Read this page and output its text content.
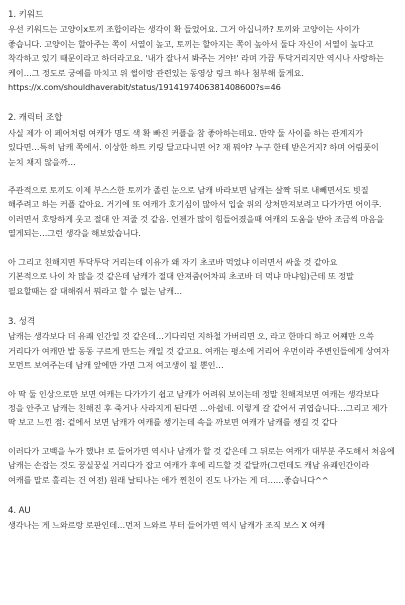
1. 키워드

우선 키워드는 고양이x토끼 조합이라는 생각이 확 들었어요. 그거 아십니까? 토끼와 고양이는 사이가 좋습니다. 고양이는 할아주는 쪽이 서열이 높고, 토끼는 할아지는 쪽이 높아서 둘다 자신이 서열이 높다고 착각하고 있기 때문이라고 하더라고요. '내가 잘나서 봐주는 거야!' 라며 가끔 투닥거리지만 역시나 사랑하는 케이…그 정도로 궁예를 마치고 위 썰이랑 관련있는 동영상 링크 하나 첨부해 둘게요.

https://x.com/shouldhaverabit/status/1914197406381408600?s=46

2. 캐릭터 조합

사실 제가 이 페어처럼 여캐가 명도 색 확 빠진 커플을 참 좋아하는데요. 만약 둘 사이를 하는 관계지가 있다면…특히 남캐 쪽에서. 이상한 하트 키링 달고다니면 어? 재 뭐야? 누구 한테 받은거지? 하며 어림풋이 눈치 채지 않을까…

주관적으로 토끼도 이제 부스스한 토끼가 졸린 눈으로 남캐 바라보면 남캐는 살짝 뒤로 내빼면서도 빗질 해주려고 하는 커플 같아요. 거기에 또 여캐가 호기심이 많아서 입술 위의 상처만져보려고 다가가면 어이쿠. 이러면서 호탕하게 웃고 절대 안 져줄 것 같음. 언젠가 많이 힘들어졌을때 여캐의 도움을 받아 조금씩 마음을 열게되는…그런 생각을 해보았습니다.

아 그리고 친해지면 투닥투닥 거리는데 이유가 왜 자기 초코바 먹었냐 이러면서 싸울 것 같아요

기본적으로 나이 차 많을 것 같은데 남캐가 절대 안져줌(어차피 초코바 더 먹냐 마냐임)근데 또 정말 필요할때는 잘 대해줘서 뭐라고 할 수 없는 남캐…

3. 성격

남캐는 생각보다 더 유쾌 인간일 것 같은데…기다리던 지하철 가버리면 오, 라고 한마디 하고 어쨰만 으쓱 거리다가 여캐만 발 동동 구르게 만드는 캐일 것 같고요. 여캐는 평소에 거리어 우먼이라 주변인들에게 상여자 모먼트 보여주는데 남캐 앞에만 가면 그저 여고생이 될 뿐인…

아 딱 둘 인상으로만 보면 여캐는 다가가기 쉽고 남캐가 어려워 보이는데 정말 친해져보면 여캐는 생각보다 정을 안주고 남캐는 친해진 후 죽거나 사라지게 된다면 …아쉽네. 이렇게 갈 같어서 귀엽습니다…그리고 제가 딱 보고 느낀 점: 겉에서 보면 남캐가 여캐를 챙기는데 속을 까보면 여캐가 남캐를 챙길 것 같다

이러다가 고백을 누가 했냐! 로 들어가면 역시나 남캐가 할 것 같은데 그 뒤로는 여캐가 대부분 주도해서 처음에 남캐는 손잡는 것도 꿍실꿍실 거리다가 잡고 여캐가 후에 리드할 것 같달까(그런데도 캐남 유쾌인간이라 여캐를 말로 홀리는 건 여전) 원래 날티나는 애가 찐친이 진도 나가는 게 더……좋습니다^^

4. AU

생각나는 게 느와르랑 로판인데…먼저 느와르 부터 들어가면 역시 남캐가 조직 보스 X 여캐
